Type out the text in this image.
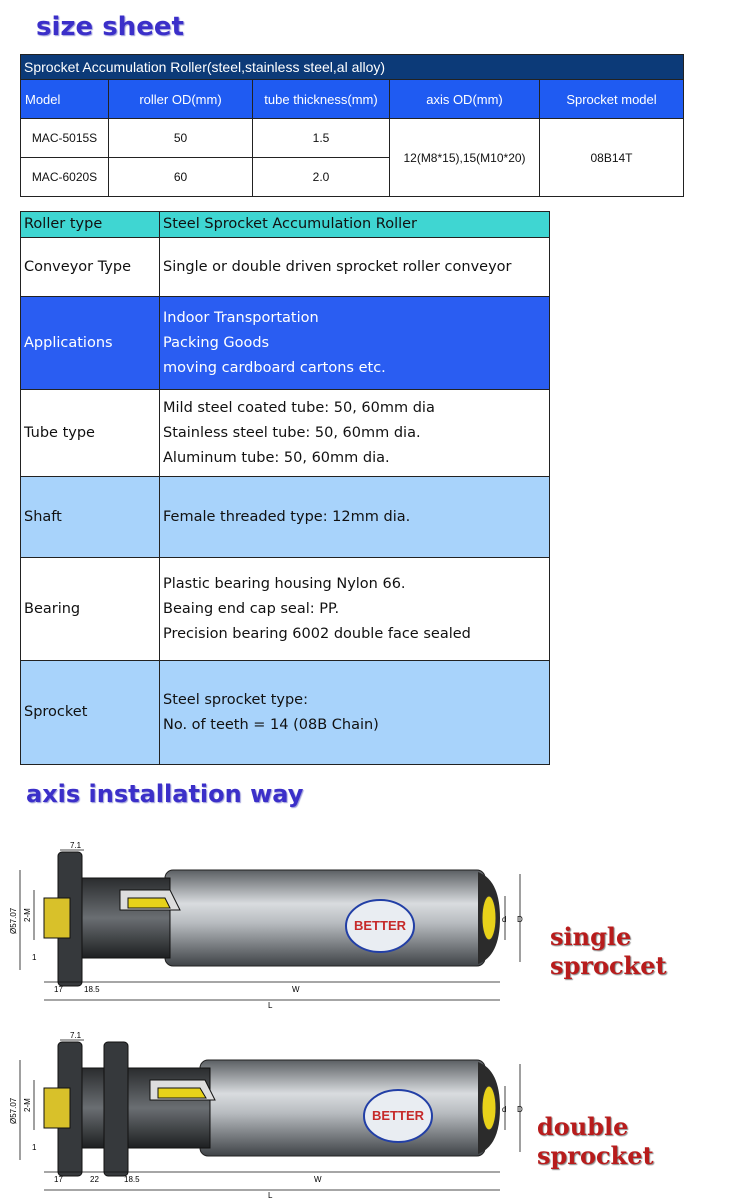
size sheet
Sprocket Accumulation Roller(steel,stainless steel,al alloy)				
Model	roller OD(mm)	tube thickness(mm)	axis OD(mm)	Sprocket model
MAC-5015S	50	1.5	12(M8*15),15(M10*20)	08B14T
MAC-6020S	60	2.0		
Roller type	Steel Sprocket Accumulation Roller
Conveyor Type	Single or double driven sprocket roller conveyor
Applications	Indoor Transportation
Packing Goods
moving cardboard cartons etc.

Tube type	Mild steel coated tube: 50, 60mm dia
Stainless steel tube: 50, 60mm dia.
Aluminum tube: 50, 60mm dia.

Shaft	Female threaded type: 12mm dia.
Bearing	Plastic bearing housing Nylon 66.
Beaing end cap seal: PP.
Precision bearing 6002 double face sealed

Sprocket	Steel sprocket type:
No. of teeth = 14 (08B Chain)
axis installation way
BETTER
7.1
Ø57.07 2-M
1
17	18.5	W
L
d D
single sprocket
BETTER
7.1
Ø57.07 2-M
1
17	22	18.5	W
L
d D
double sprocket
